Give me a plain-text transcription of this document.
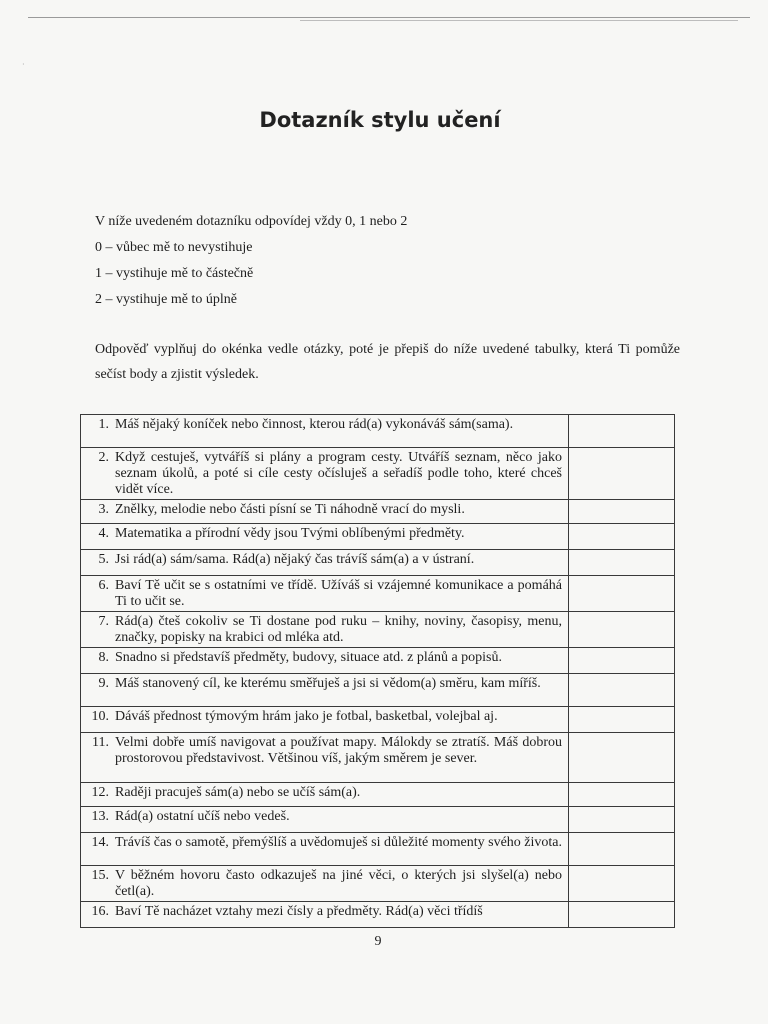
·
Dotazník stylu učení
V níže uvedeném dotazníku odpovídej vždy 0, 1 nebo 2
0 – vůbec mě to nevystihuje
1 – vystihuje mě to částečně
2 – vystihuje mě to úplně
Odpověď vyplňuj do okénka vedle otázky, poté je přepiš do níže uvedené tabulky, která Ti pomůže sečíst body a zjistit výsledek.
1.	Máš nějaký koníček nebo činnost, kterou rád(a) vykonáváš sám(sama).	
2.	Když cestuješ, vytváříš si plány a program cesty. Utváříš seznam, něco jako seznam úkolů, a poté si cíle cesty očísluješ a seřadíš podle toho, které chceš vidět více.	
3.	Znělky, melodie nebo části písní se Ti náhodně vrací do mysli.	
4.	Matematika a přírodní vědy jsou Tvými oblíbenými předměty.	
5.	Jsi rád(a) sám/sama. Rád(a) nějaký čas trávíš sám(a) a v ústraní.	
6.	Baví Tě učit se s ostatními ve třídě. Užíváš si vzájemné komunikace a pomáhá Ti to učit se.	
7.	Rád(a) čteš cokoliv se Ti dostane pod ruku – knihy, noviny, časopisy, menu, značky, popisky na krabici od mléka atd.	
8.	Snadno si představíš předměty, budovy, situace atd. z plánů a popisů.	
9.	Máš stanovený cíl, ke kterému směřuješ a jsi si vědom(a) směru, kam míříš.	
10.	Dáváš přednost týmovým hrám jako je fotbal, basketbal, volejbal aj.	
11.	Velmi dobře umíš navigovat a používat mapy. Málokdy se ztratíš. Máš dobrou prostorovou představivost. Většinou víš, jakým směrem je sever.	
12.	Raději pracuješ sám(a) nebo se učíš sám(a).	
13.	Rád(a) ostatní učíš nebo vedeš.	
14.	Trávíš čas o samotě, přemýšlíš a uvědomuješ si důležité momenty svého života.	
15.	V běžném hovoru často odkazuješ na jiné věci, o kterých jsi slyšel(a) nebo četl(a).	
16.	Baví Tě nacházet vztahy mezi čísly a předměty. Rád(a) věci třídíš	
9
